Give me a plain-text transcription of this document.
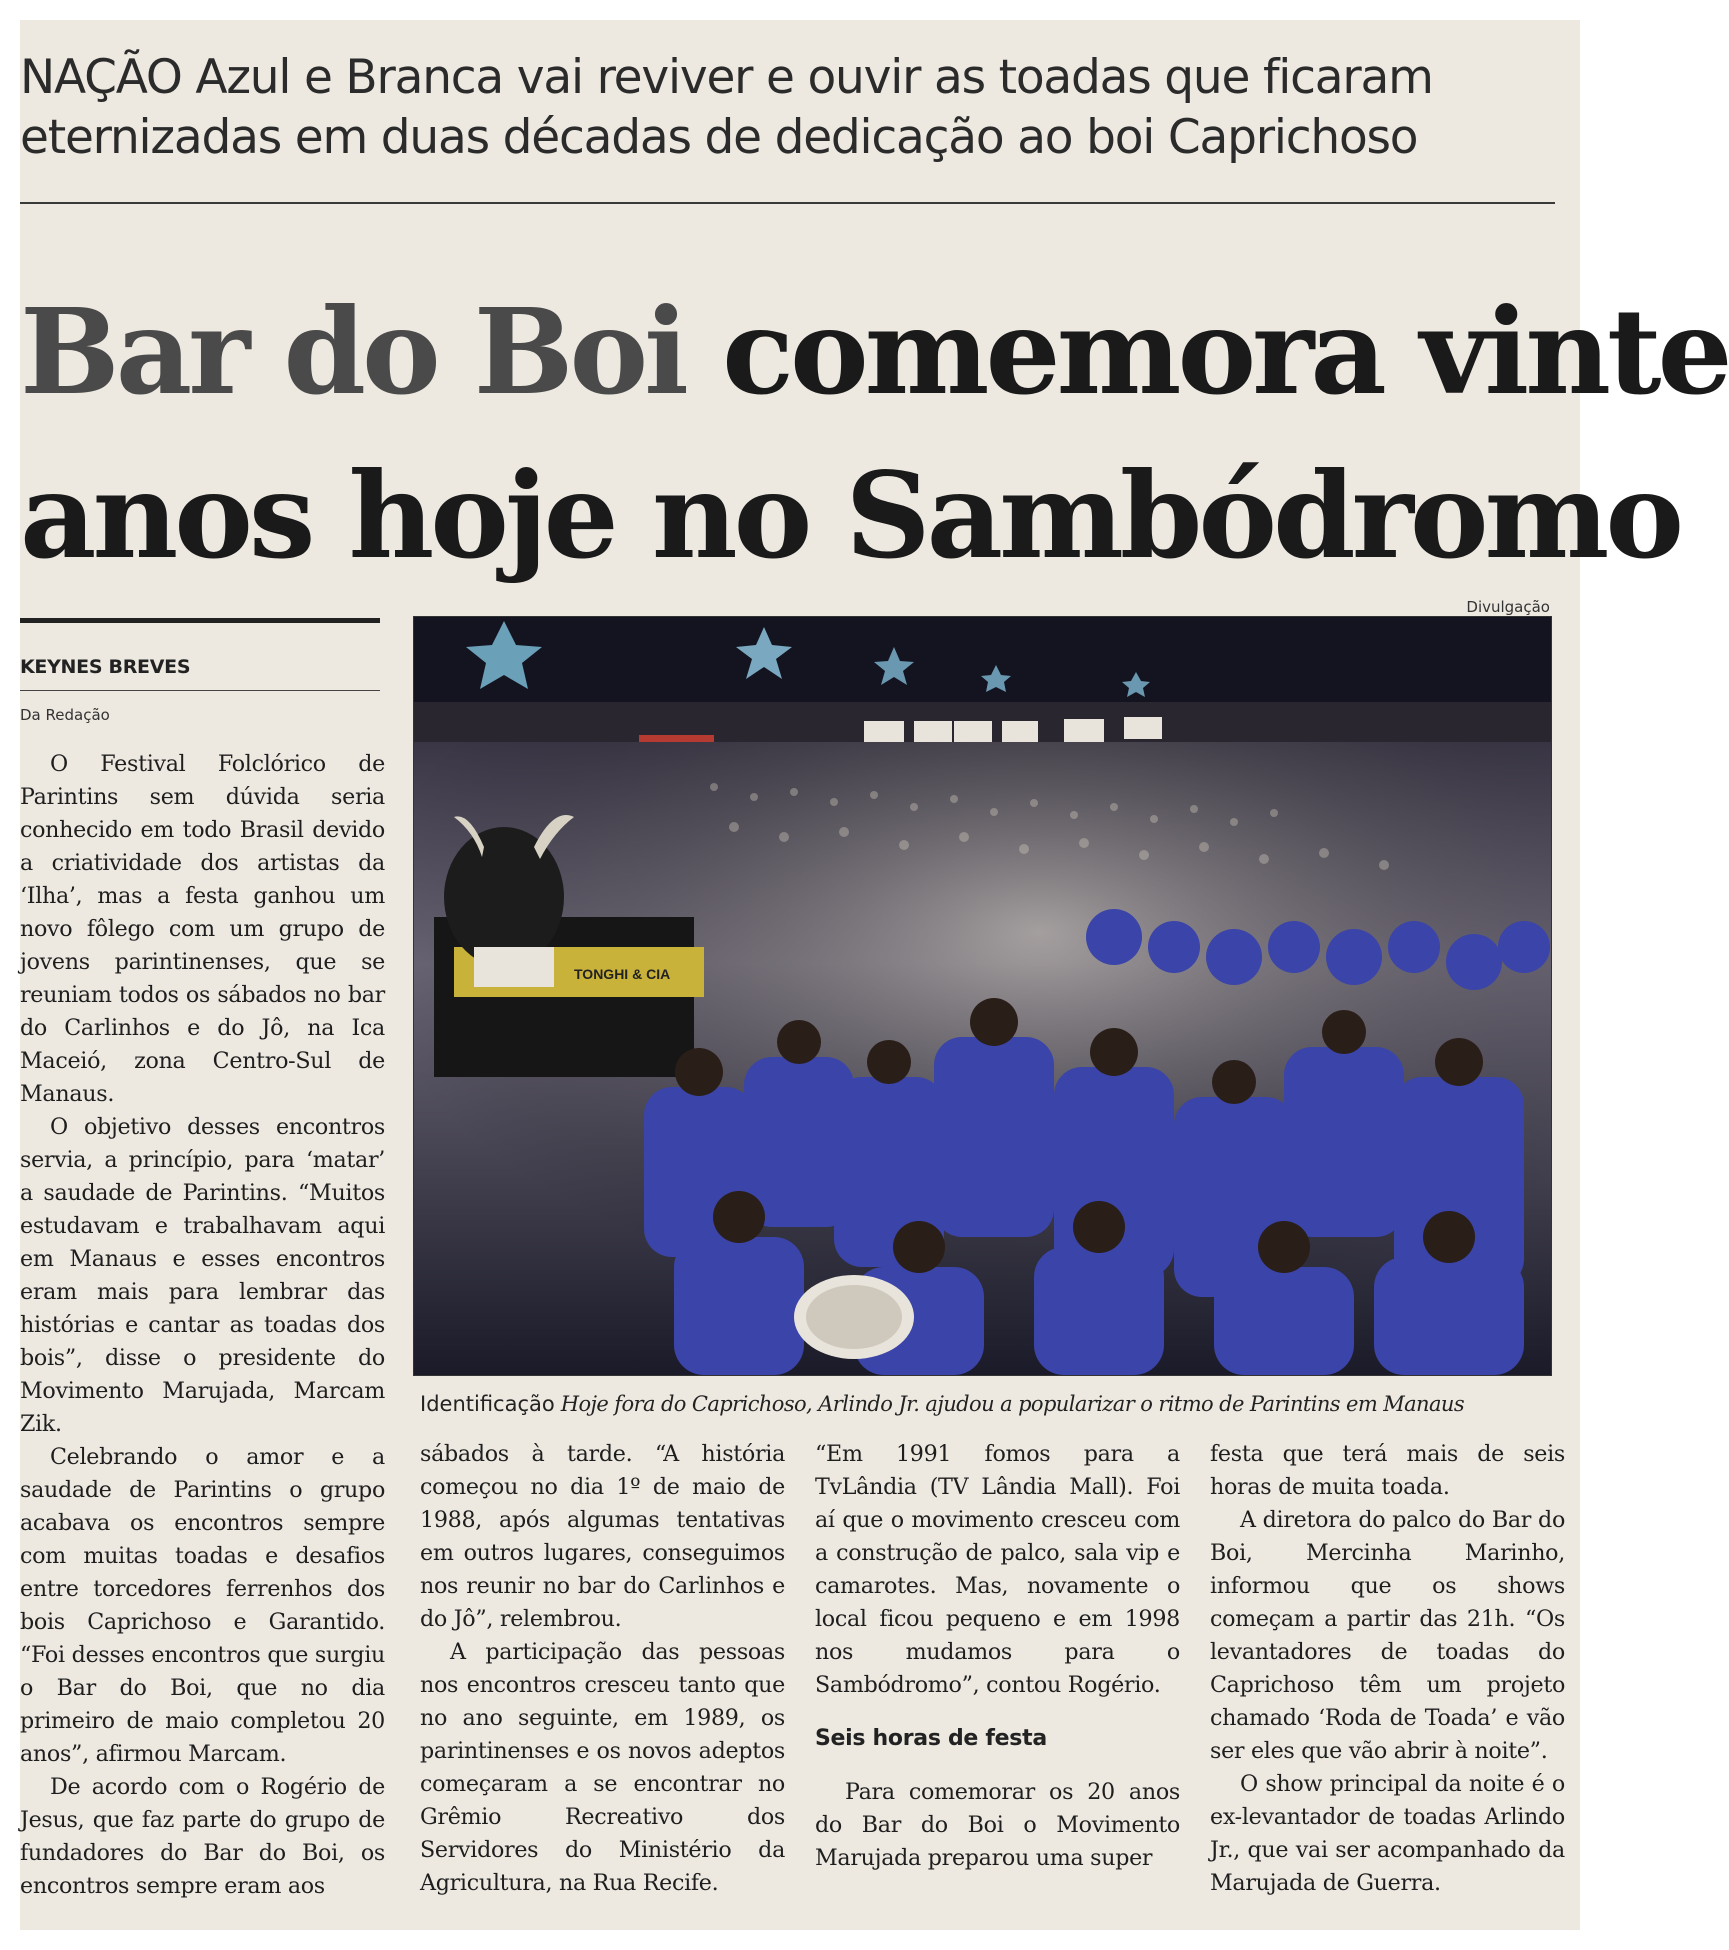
NAÇÃO Azul e Branca vai reviver e ouvir as toadas que ficaram
eternizadas em duas décadas de dedicação ao boi Caprichoso
Bar do Boi comemora vinte
anos hoje no Sambódromo
Divulgação
KEYNES BREVES
Da Redação
TONGHI & CIA
Identificação Hoje fora do Caprichoso, Arlindo Jr. ajudou a popularizar o ritmo de Parintins em Manaus

O Festival Folclórico de Parintins sem dúvida seria conhecido em todo Brasil devido a criatividade dos artistas da ‘Ilha’, mas a festa ganhou um novo fôlego com um grupo de jovens parintinenses, que se reuniam todos os sábados no bar do Carlinhos e do Jô, na Ica Maceió, zona Centro-Sul de Manaus.

O objetivo desses encontros servia, a princípio, para ‘matar’ a saudade de Parintins. “Muitos estudavam e trabalhavam aqui em Manaus e esses encontros eram mais para lembrar das histórias e cantar as toadas dos bois”, disse o presidente do Movimento Marujada, Marcam Zik.

Celebrando o amor e a saudade de Parintins o grupo acabava os encontros sempre com muitas toadas e desafios entre torcedores ferrenhos dos bois Caprichoso e Garantido. “Foi desses encontros que surgiu o Bar do Boi, que no dia primeiro de maio completou 20 anos”, afirmou Marcam.

De acordo com o Rogério de Jesus, que faz parte do grupo de fundadores do Bar do Boi, os encontros sempre eram aos

sábados à tarde. “A história começou no dia 1º de maio de 1988, após algumas tentativas em outros lugares, conseguimos nos reunir no bar do Carlinhos e do Jô”, relembrou.

A participação das pessoas nos encontros cresceu tanto que no ano seguinte, em 1989, os parintinenses e os novos adeptos começaram a se encontrar no Grêmio Recreativo dos Servidores do Ministério da Agricultura, na Rua Recife.

“Em 1991 fomos para a TvLândia (TV Lândia Mall). Foi aí que o movimento cresceu com a construção de palco, sala vip e camarotes. Mas, novamente o local ficou pequeno e em 1998 nos mudamos para o Sambódromo”, contou Rogério.

Seis horas de festa

Para comemorar os 20 anos do Bar do Boi o Movimento Marujada preparou uma super

festa que terá mais de seis horas de muita toada.

A diretora do palco do Bar do Boi, Mercinha Marinho, informou que os shows começam a partir das 21h. “Os levantadores de toadas do Caprichoso têm um projeto chamado ‘Roda de Toada’ e vão ser eles que vão abrir à noite”.

O show principal da noite é o ex-levantador de toadas Arlindo Jr., que vai ser acompanhado da Marujada de Guerra.
